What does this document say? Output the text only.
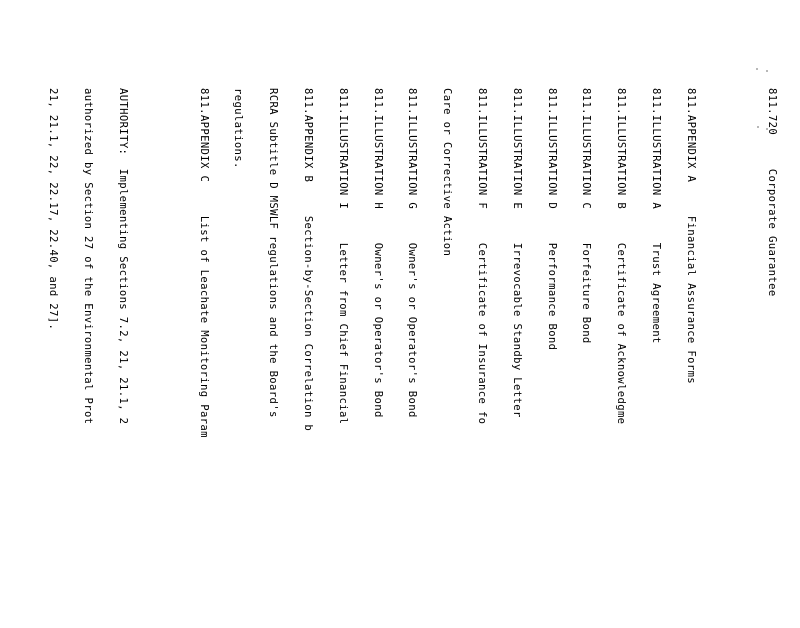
811.720     Corporate Guarantee

811.APPENDIX A     Financial Assurance Forms

811.ILLUSTRATION A     Trust Agreement

811.ILLUSTRATION B     Certificate of Acknowledgme

811.ILLUSTRATION C     Forfeiture Bond

811.ILLUSTRATION D     Performance Bond

811.ILLUSTRATION E     Irrevocable Standby Letter

811.ILLUSTRATION F     Certificate of Insurance fo

Care or Corrective Action

811.ILLUSTRATION G     Owner's or Operator's Bond

811.ILLUSTRATION H     Owner's or Operator's Bond

811.ILLUSTRATION I     Letter from Chief Financial

811.APPENDIX B     Section-by-Section Correlation b

RCRA Subtitle D MSWLF regulations and the Board's

regulations.

811.APPENDIX C     List of Leachate Monitoring Param

AUTHORITY:  Implementing Sections 7.2, 21, 21.1, 2

authorized by Section 27 of the Environmental Prot

21, 21.1, 22, 22.17, 22.40, and 27].
